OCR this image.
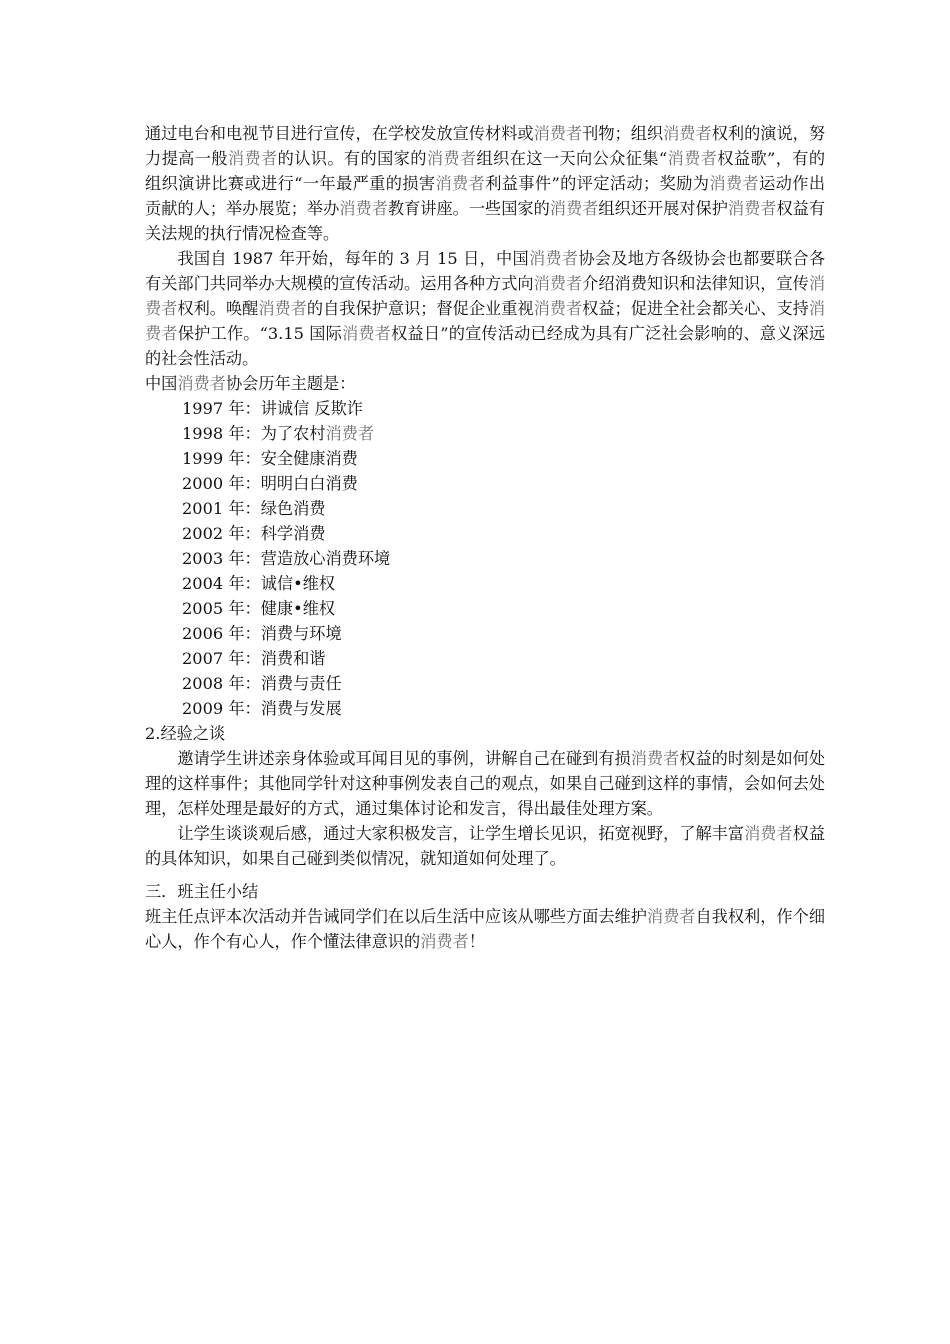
通过电台和电视节目进行宣传，在学校发放宣传材料或消费者刊物；组织消费者权利的演说，努力提高一般消费者的认识。有的国家的消费者组织在这一天向公众征集“消费者权益歌”，有的组织演讲比赛或进行“一年最严重的损害消费者利益事件”的评定活动；奖励为消费者运动作出贡献的人；举办展览；举办消费者教育讲座。一些国家的消费者组织还开展对保护消费者权益有关法规的执行情况检查等。

我国自 1987 年开始，每年的 3 月 15 日，中国消费者协会及地方各级协会也都要联合各有关部门共同举办大规模的宣传活动。运用各种方式向消费者介绍消费知识和法律知识，宣传消费者权利。唤醒消费者的自我保护意识；督促企业重视消费者权益；促进全社会都关心、支持消费者保护工作。“3.15 国际消费者权益日”的宣传活动已经成为具有广泛社会影响的、意义深远的社会性活动。

中国消费者协会历年主题是：

1997 年：讲诚信 反欺诈
1998 年：为了农村消费者
1999 年：安全健康消费
2000 年：明明白白消费
2001 年：绿色消费
2002 年：科学消费
2003 年：营造放心消费环境
2004 年：诚信•维权
2005 年：健康•维权
2006 年：消费与环境
2007 年：消费和谐
2008 年：消费与责任
2009 年：消费与发展

2.经验之谈

邀请学生讲述亲身体验或耳闻目见的事例，讲解自己在碰到有损消费者权益的时刻是如何处理的这样事件；其他同学针对这种事例发表自己的观点，如果自己碰到这样的事情，会如何去处理，怎样处理是最好的方式，通过集体讨论和发言，得出最佳处理方案。

让学生谈谈观后感，通过大家积极发言，让学生增长见识，拓宽视野，了解丰富消费者权益的具体知识，如果自己碰到类似情况，就知道如何处理了。

三．班主任小结

班主任点评本次活动并告诫同学们在以后生活中应该从哪些方面去维护消费者自我权利，作个细心人，作个有心人，作个懂法律意识的消费者！
